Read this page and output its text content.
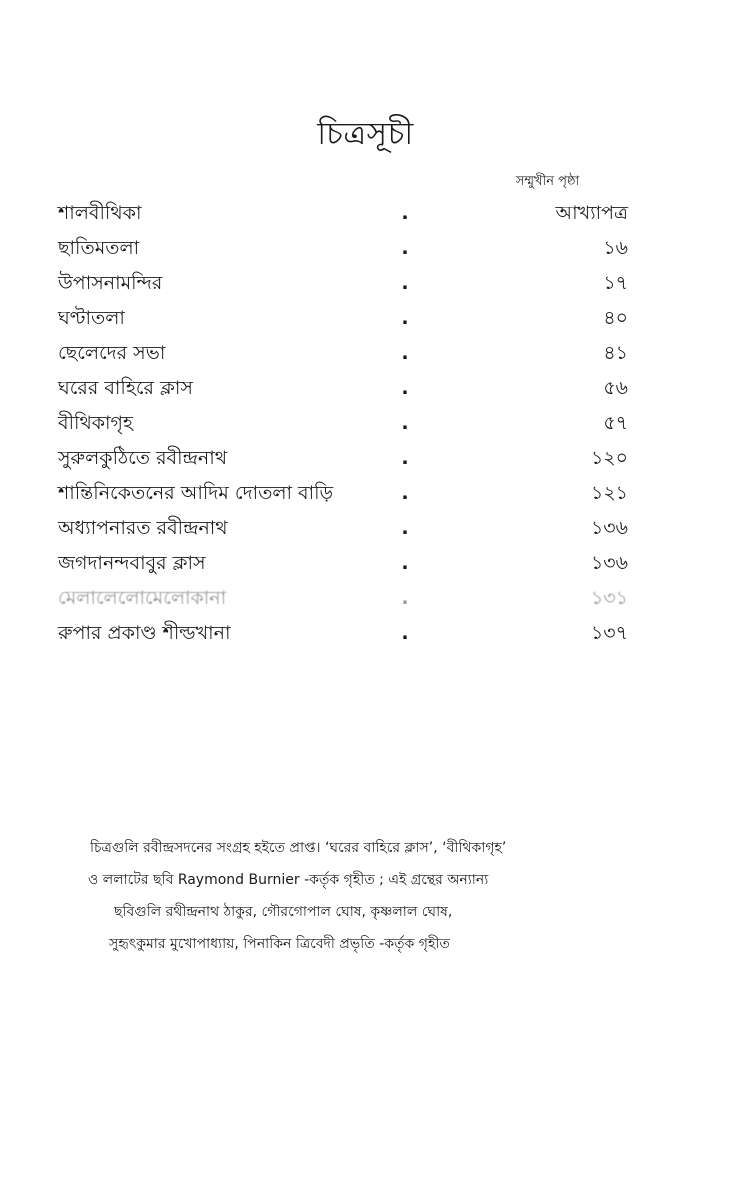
চিত্রসূচী
সম্মুখীন পৃষ্ঠা
শালবীথিকা	.	আখ্যাপত্র
ছাতিমতলা	.	১৬
উপাসনামন্দির	.	১৭
ঘণ্টাতলা	.	৪০
ছেলেদের সভা	.	৪১
ঘরের বাহিরে ক্লাস	.	৫৬
বীথিকাগৃহ	.	৫৭
সুরুলকুঠিতে রবীন্দ্রনাথ	.	১২০
শান্তিনিকেতনের আদিম দোতলা বাড়ি	.	১২১
অধ্যাপনারত রবীন্দ্রনাথ	.	১৩৬
জগদানন্দবাবুর ক্লাস	.	১৩৬
মেলালেলোমেলোকানা	.	১৩১
রুপার প্রকাণ্ড শীল্ডখানা	.	১৩৭
চিত্রগুলি রবীন্দ্রসদনের সংগ্রহ হইতে প্রাপ্ত। ‘ঘরের বাহিরে ক্লাস’, ‘বীথিকাগৃহ’
ও ললাটের ছবি Raymond Burnier -কর্তৃক গৃহীত ; এই গ্রন্থের অন্যান্য
ছবিগুলি রথীন্দ্রনাথ ঠাকুর, গৌরগোপাল ঘোষ, কৃষ্ণলাল ঘোষ,
সুহৃৎকুমার মুখোপাধ্যায়, পিনাকিন ত্রিবেদী প্রভৃতি -কর্তৃক গৃহীত
